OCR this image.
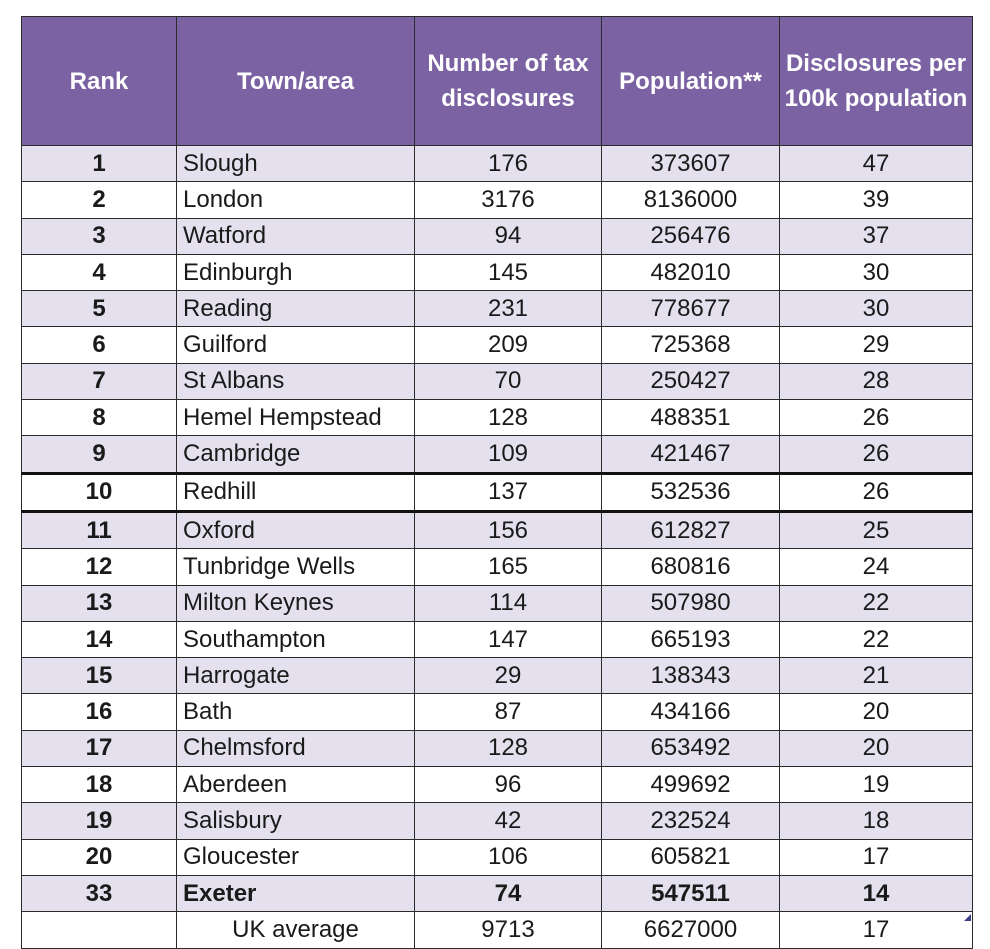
Rank	Town/area	Number of tax disclosures	Population**	Disclosures per 100k population
1	Slough	176	373607	47
2	London	3176	8136000	39
3	Watford	94	256476	37
4	Edinburgh	145	482010	30
5	Reading	231	778677	30
6	Guilford	209	725368	29
7	St Albans	70	250427	28
8	Hemel Hempstead	128	488351	26
9	Cambridge	109	421467	26
10	Redhill	137	532536	26
11	Oxford	156	612827	25
12	Tunbridge Wells	165	680816	24
13	Milton Keynes	114	507980	22
14	Southampton	147	665193	22
15	Harrogate	29	138343	21
16	Bath	87	434166	20
17	Chelmsford	128	653492	20
18	Aberdeen	96	499692	19
19	Salisbury	42	232524	18
20	Gloucester	106	605821	17
33	Exeter	74	547511	14
	UK average	9713	6627000	17
